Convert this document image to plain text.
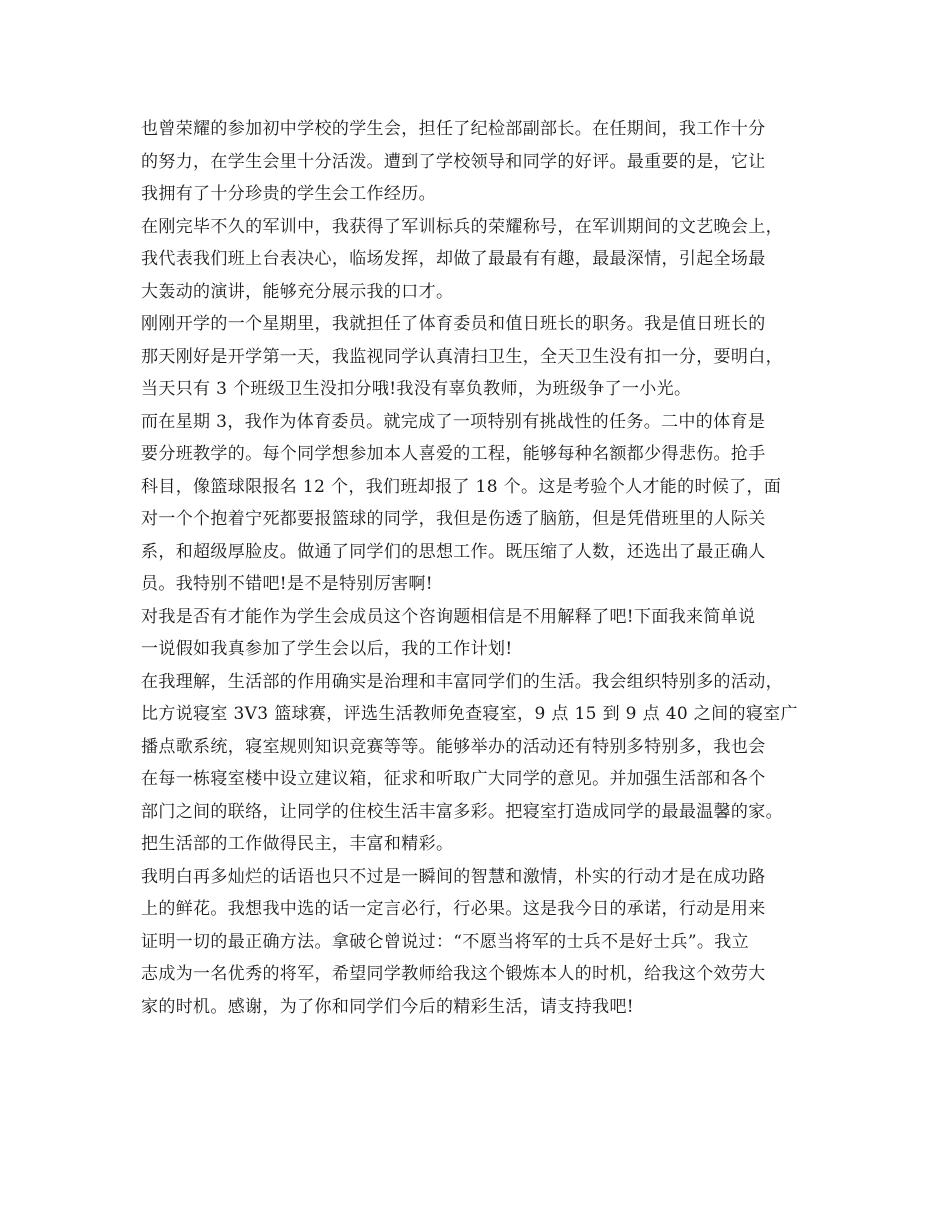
也曾荣耀的参加初中学校的学生会，担任了纪检部副部长。在任期间，我工作十分
的努力，在学生会里十分活泼。遭到了学校领导和同学的好评。最重要的是，它让
我拥有了十分珍贵的学生会工作经历。
在刚完毕不久的军训中，我获得了军训标兵的荣耀称号，在军训期间的文艺晚会上，
我代表我们班上台表决心，临场发挥，却做了最最有有趣，最最深情，引起全场最
大轰动的演讲，能够充分展示我的口才。
刚刚开学的一个星期里，我就担任了体育委员和值日班长的职务。我是值日班长的
那天刚好是开学第一天，我监视同学认真清扫卫生，全天卫生没有扣一分，要明白，
当天只有 3 个班级卫生没扣分哦!我没有辜负教师，为班级争了一小光。
而在星期 3，我作为体育委员。就完成了一项特别有挑战性的任务。二中的体育是
要分班教学的。每个同学想参加本人喜爱的工程，能够每种名额都少得悲伤。抢手
科目，像篮球限报名 12 个，我们班却报了 18 个。这是考验个人才能的时候了，面
对一个个抱着宁死都要报篮球的同学，我但是伤透了脑筋，但是凭借班里的人际关
系，和超级厚脸皮。做通了同学们的思想工作。既压缩了人数，还选出了最正确人
员。我特别不错吧!是不是特别厉害啊!
对我是否有才能作为学生会成员这个咨询题相信是不用解释了吧!下面我来简单说
一说假如我真参加了学生会以后，我的工作计划!
在我理解，生活部的作用确实是治理和丰富同学们的生活。我会组织特别多的活动，
比方说寝室 3V3 篮球赛，评选生活教师免查寝室，9 点 15 到 9 点 40 之间的寝室广
播点歌系统，寝室规则知识竞赛等等。能够举办的活动还有特别多特别多，我也会
在每一栋寝室楼中设立建议箱，征求和听取广大同学的意见。并加强生活部和各个
部门之间的联络，让同学的住校生活丰富多彩。把寝室打造成同学的最最温馨的家。
把生活部的工作做得民主，丰富和精彩。
我明白再多灿烂的话语也只不过是一瞬间的智慧和激情，朴实的行动才是在成功路
上的鲜花。我想我中选的话一定言必行，行必果。这是我今日的承诺，行动是用来
证明一切的最正确方法。拿破仑曾说过：“不愿当将军的士兵不是好士兵”。我立
志成为一名优秀的将军，希望同学教师给我这个锻炼本人的时机，给我这个效劳大
家的时机。感谢，为了你和同学们今后的精彩生活，请支持我吧!
